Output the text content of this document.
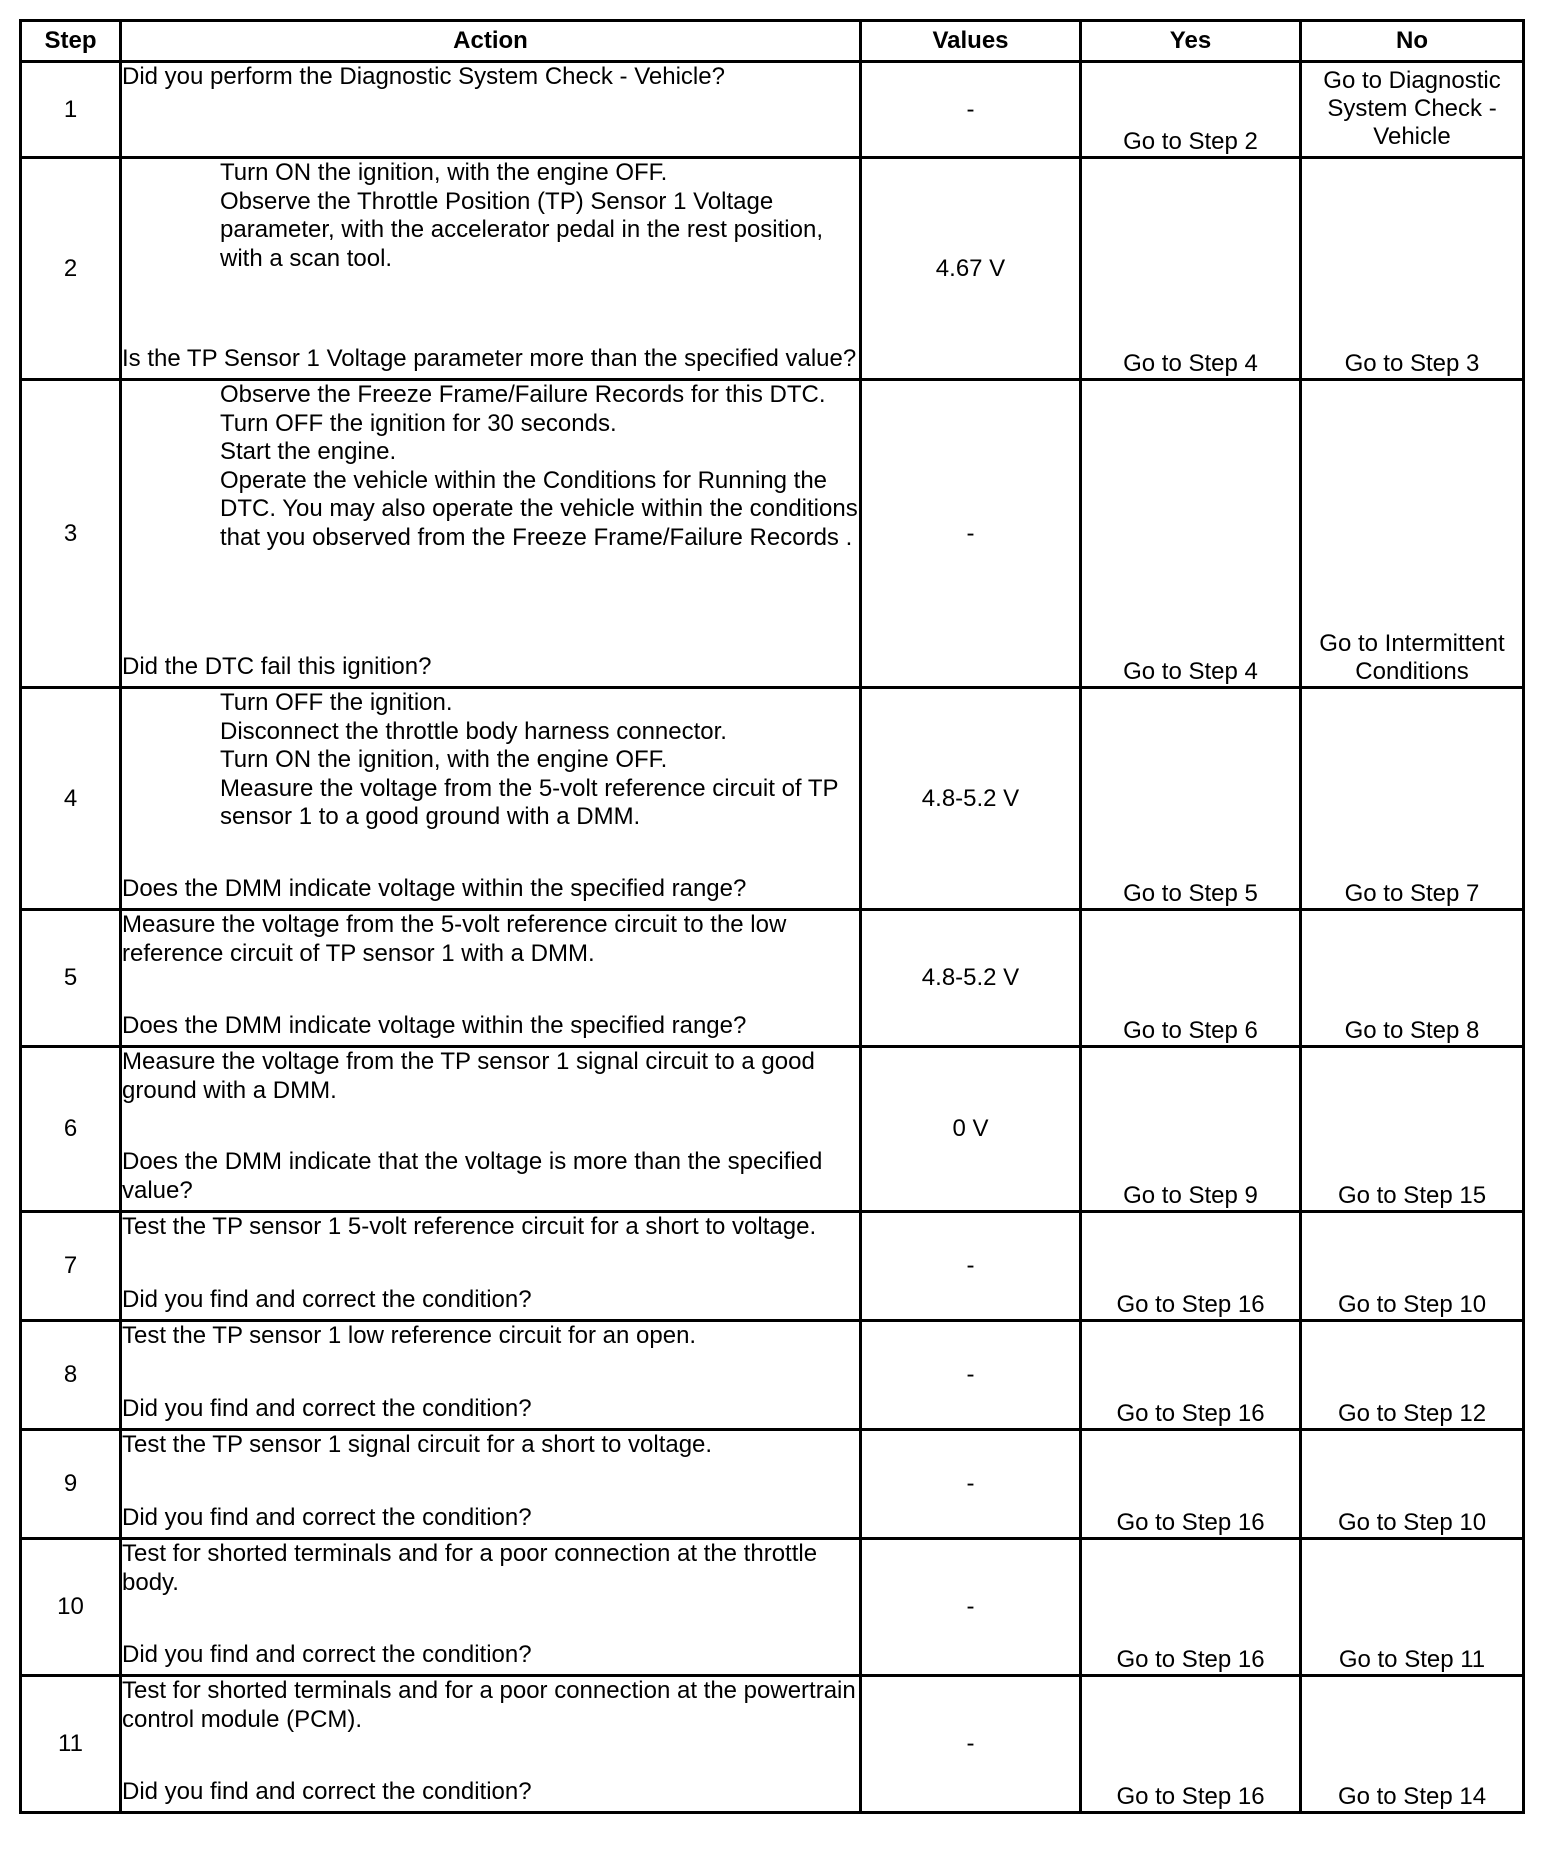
Step	Action	Values	Yes	No
1	Did you perform the Diagnostic System Check - Vehicle?	-	Go to Step 2	Go to Diagnostic System Check - Vehicle
2	Turn ON the ignition, with the engine OFF.
Observe the Throttle Position (TP) Sensor 1 Voltage parameter, with the accelerator pedal in the rest position, with a scan tool.
Is the TP Sensor 1 Voltage parameter more than the specified value?	4.67 V	Go to Step 4	Go to Step 3
3	Observe the Freeze Frame/Failure Records for this DTC.
Turn OFF the ignition for 30 seconds.
Start the engine.
Operate the vehicle within the Conditions for Running the DTC. You may also operate the vehicle within the conditions that you observed from the Freeze Frame/Failure Records .
Did the DTC fail this ignition?	-	Go to Step 4	Go to Intermittent Conditions
4	Turn OFF the ignition.
Disconnect the throttle body harness connector.
Turn ON the ignition, with the engine OFF.
Measure the voltage from the 5-volt reference circuit of TP sensor 1 to a good ground with a DMM.
Does the DMM indicate voltage within the specified range?	4.8-5.2 V	Go to Step 5	Go to Step 7
5	Measure the voltage from the 5-volt reference circuit to the low reference circuit of TP sensor 1 with a DMM.
Does the DMM indicate voltage within the specified range?	4.8-5.2 V	Go to Step 6	Go to Step 8
6	Measure the voltage from the TP sensor 1 signal circuit to a good ground with a DMM.
Does the DMM indicate that the voltage is more than the specified value?	0 V	Go to Step 9	Go to Step 15
7	Test the TP sensor 1 5-volt reference circuit for a short to voltage.
Did you find and correct the condition?	-	Go to Step 16	Go to Step 10
8	Test the TP sensor 1 low reference circuit for an open.
Did you find and correct the condition?	-	Go to Step 16	Go to Step 12
9	Test the TP sensor 1 signal circuit for a short to voltage.
Did you find and correct the condition?	-	Go to Step 16	Go to Step 10
10	Test for shorted terminals and for a poor connection at the throttle body.
Did you find and correct the condition?	-	Go to Step 16	Go to Step 11
11	Test for shorted terminals and for a poor connection at the powertrain control module (PCM).
Did you find and correct the condition?	-	Go to Step 16	Go to Step 14
